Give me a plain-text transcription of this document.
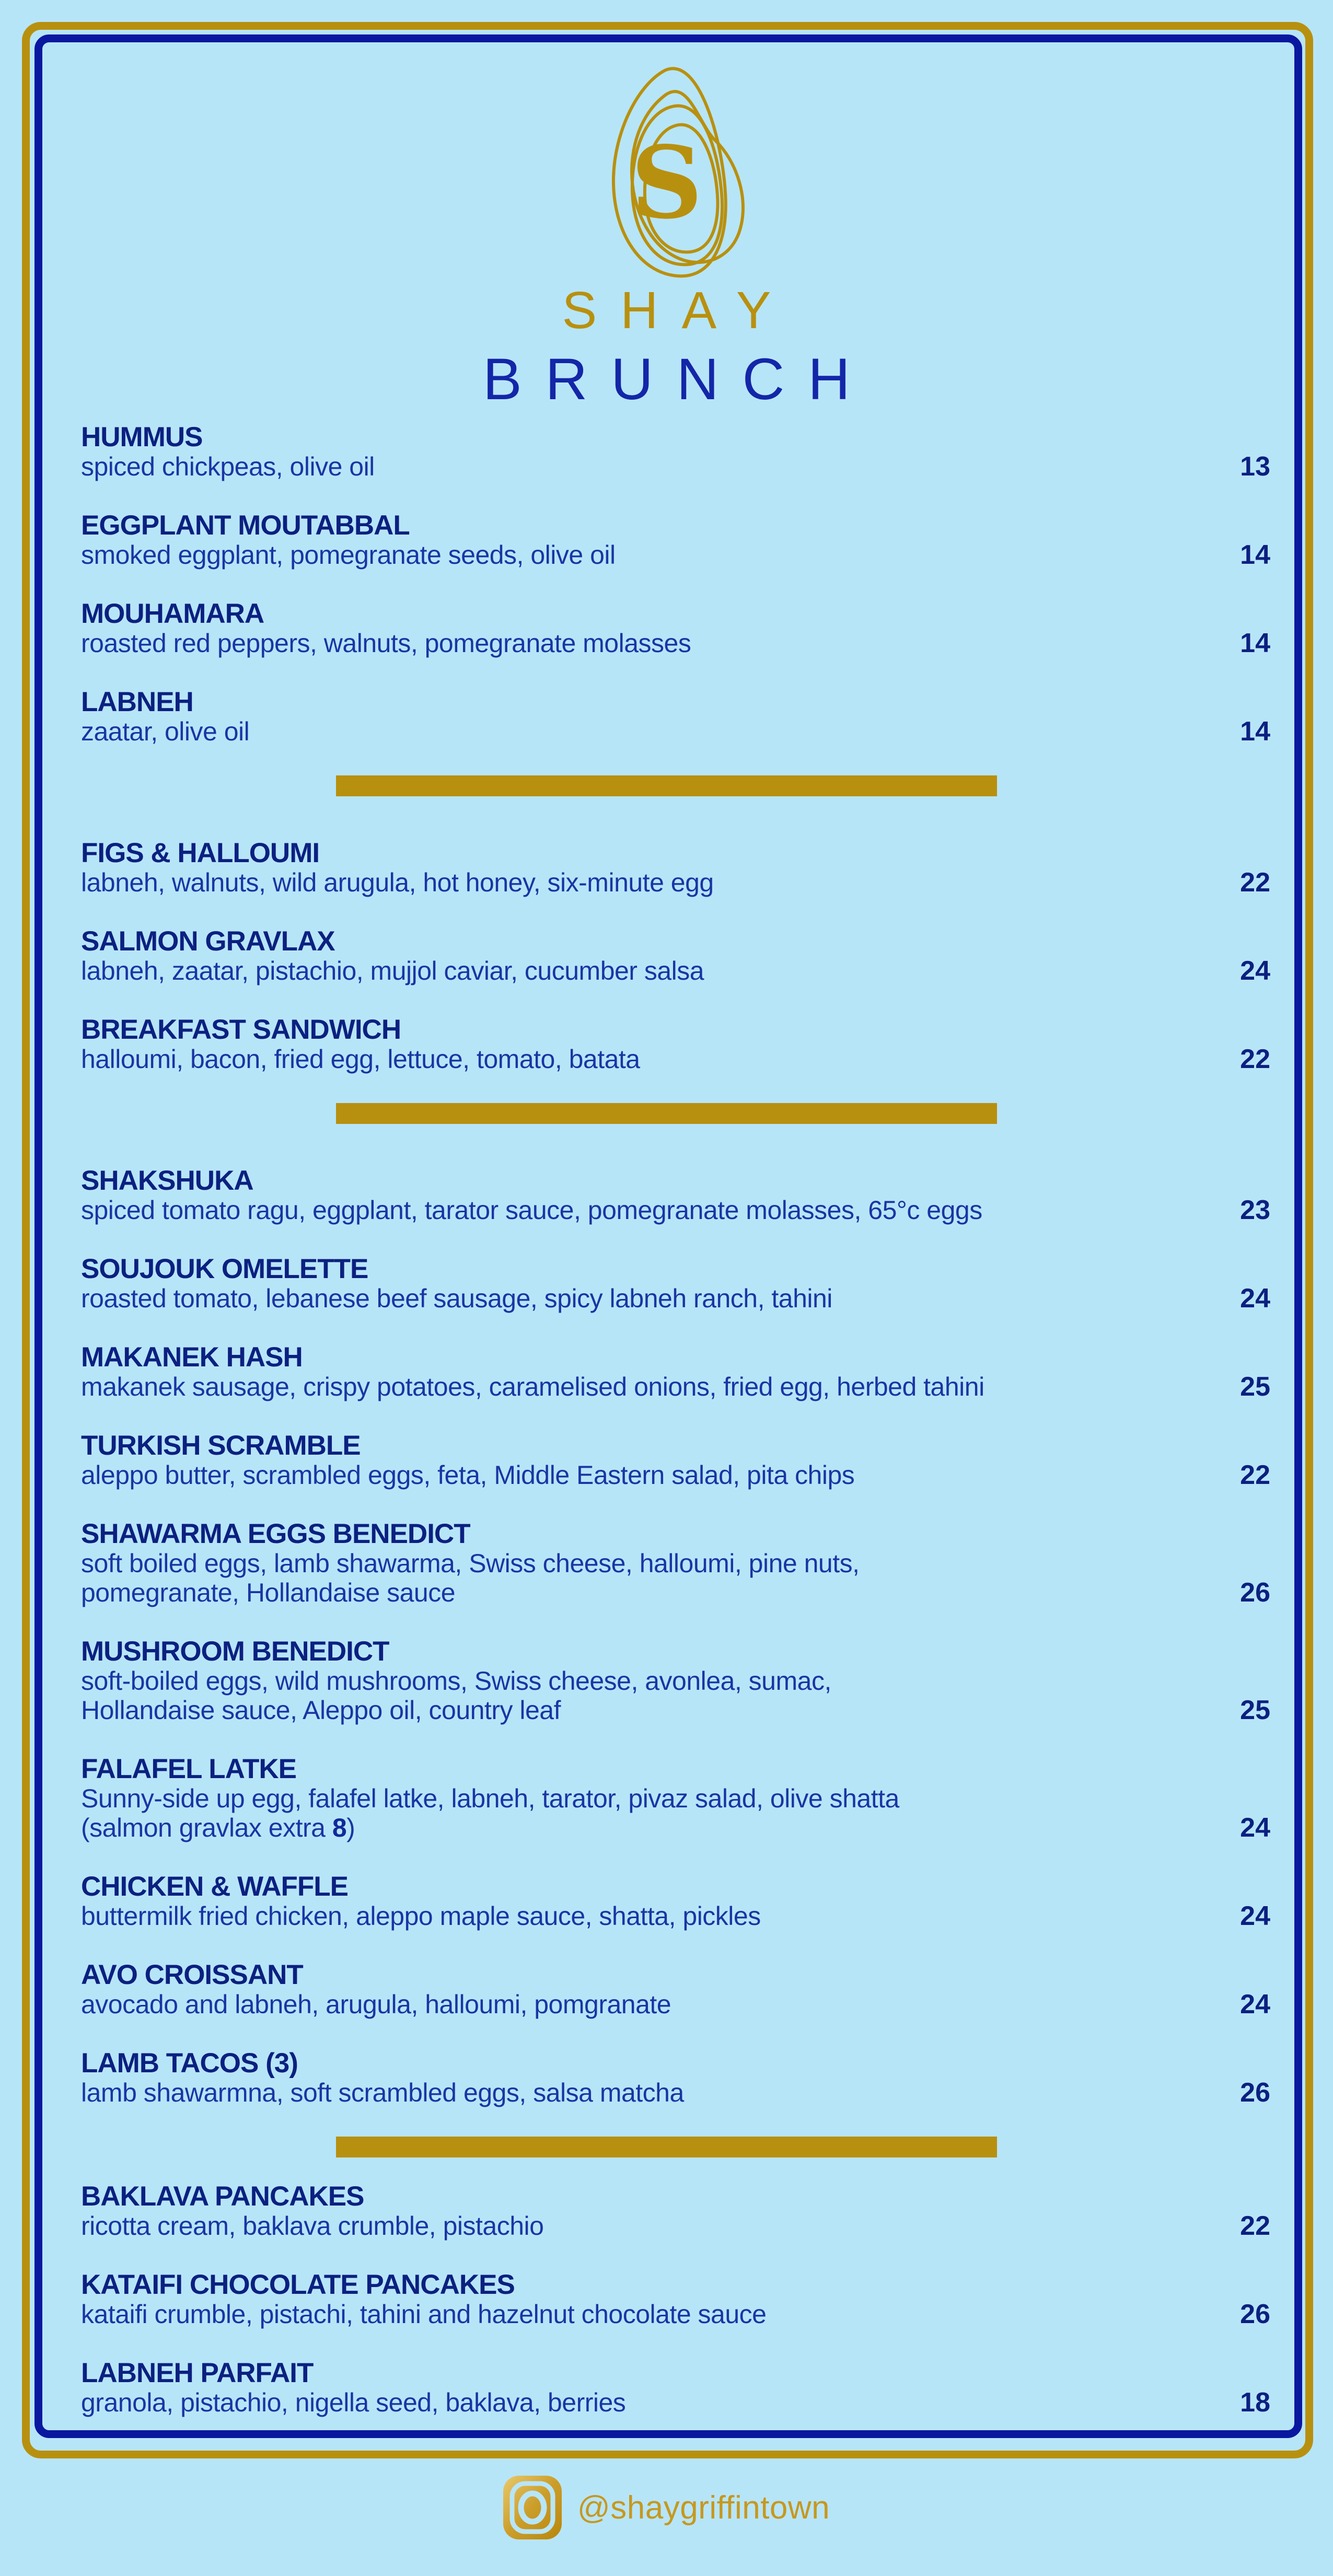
S
SHAY
BRUNCH
HUMMUS
spiced chickpeas, olive oil	13
EGGPLANT MOUTABBAL
smoked eggplant, pomegranate seeds, olive oil	14
MOUHAMARA
roasted red peppers, walnuts, pomegranate molasses	14
LABNEH
zaatar, olive oil	14
FIGS & HALLOUMI
labneh, walnuts, wild arugula, hot honey, six-minute egg	22
SALMON GRAVLAX
labneh, zaatar, pistachio, mujjol caviar, cucumber salsa	24
BREAKFAST SANDWICH
halloumi, bacon, fried egg, lettuce, tomato, batata	22
SHAKSHUKA
spiced tomato ragu, eggplant, tarator sauce, pomegranate molasses, 65°c eggs	23
SOUJOUK OMELETTE
roasted tomato, lebanese beef sausage, spicy labneh ranch, tahini	24
MAKANEK HASH
makanek sausage, crispy potatoes, caramelised onions, fried egg, herbed tahini	25
TURKISH SCRAMBLE
aleppo butter, scrambled eggs, feta, Middle Eastern salad, pita chips	22
SHAWARMA EGGS BENEDICT
soft boiled eggs, lamb shawarma, Swiss cheese, halloumi, pine nuts,
pomegranate, Hollandaise sauce	26
MUSHROOM BENEDICT
soft-boiled eggs, wild mushrooms, Swiss cheese, avonlea, sumac,
Hollandaise sauce, Aleppo oil, country leaf	25
FALAFEL LATKE
Sunny-side up egg, falafel latke, labneh, tarator, pivaz salad, olive shatta
(salmon gravlax extra 8)	24
CHICKEN & WAFFLE
buttermilk fried chicken, aleppo maple sauce, shatta, pickles	24
AVO CROISSANT
avocado and labneh, arugula, halloumi, pomgranate	24
LAMB TACOS (3)
lamb shawarmna, soft scrambled eggs, salsa matcha	26
BAKLAVA PANCAKES
ricotta cream, baklava crumble, pistachio	22
KATAIFI CHOCOLATE PANCAKES
kataifi crumble, pistachi, tahini and hazelnut chocolate sauce	26
LABNEH PARFAIT
granola, pistachio, nigella seed, baklava, berries	18
@shaygriffintown
